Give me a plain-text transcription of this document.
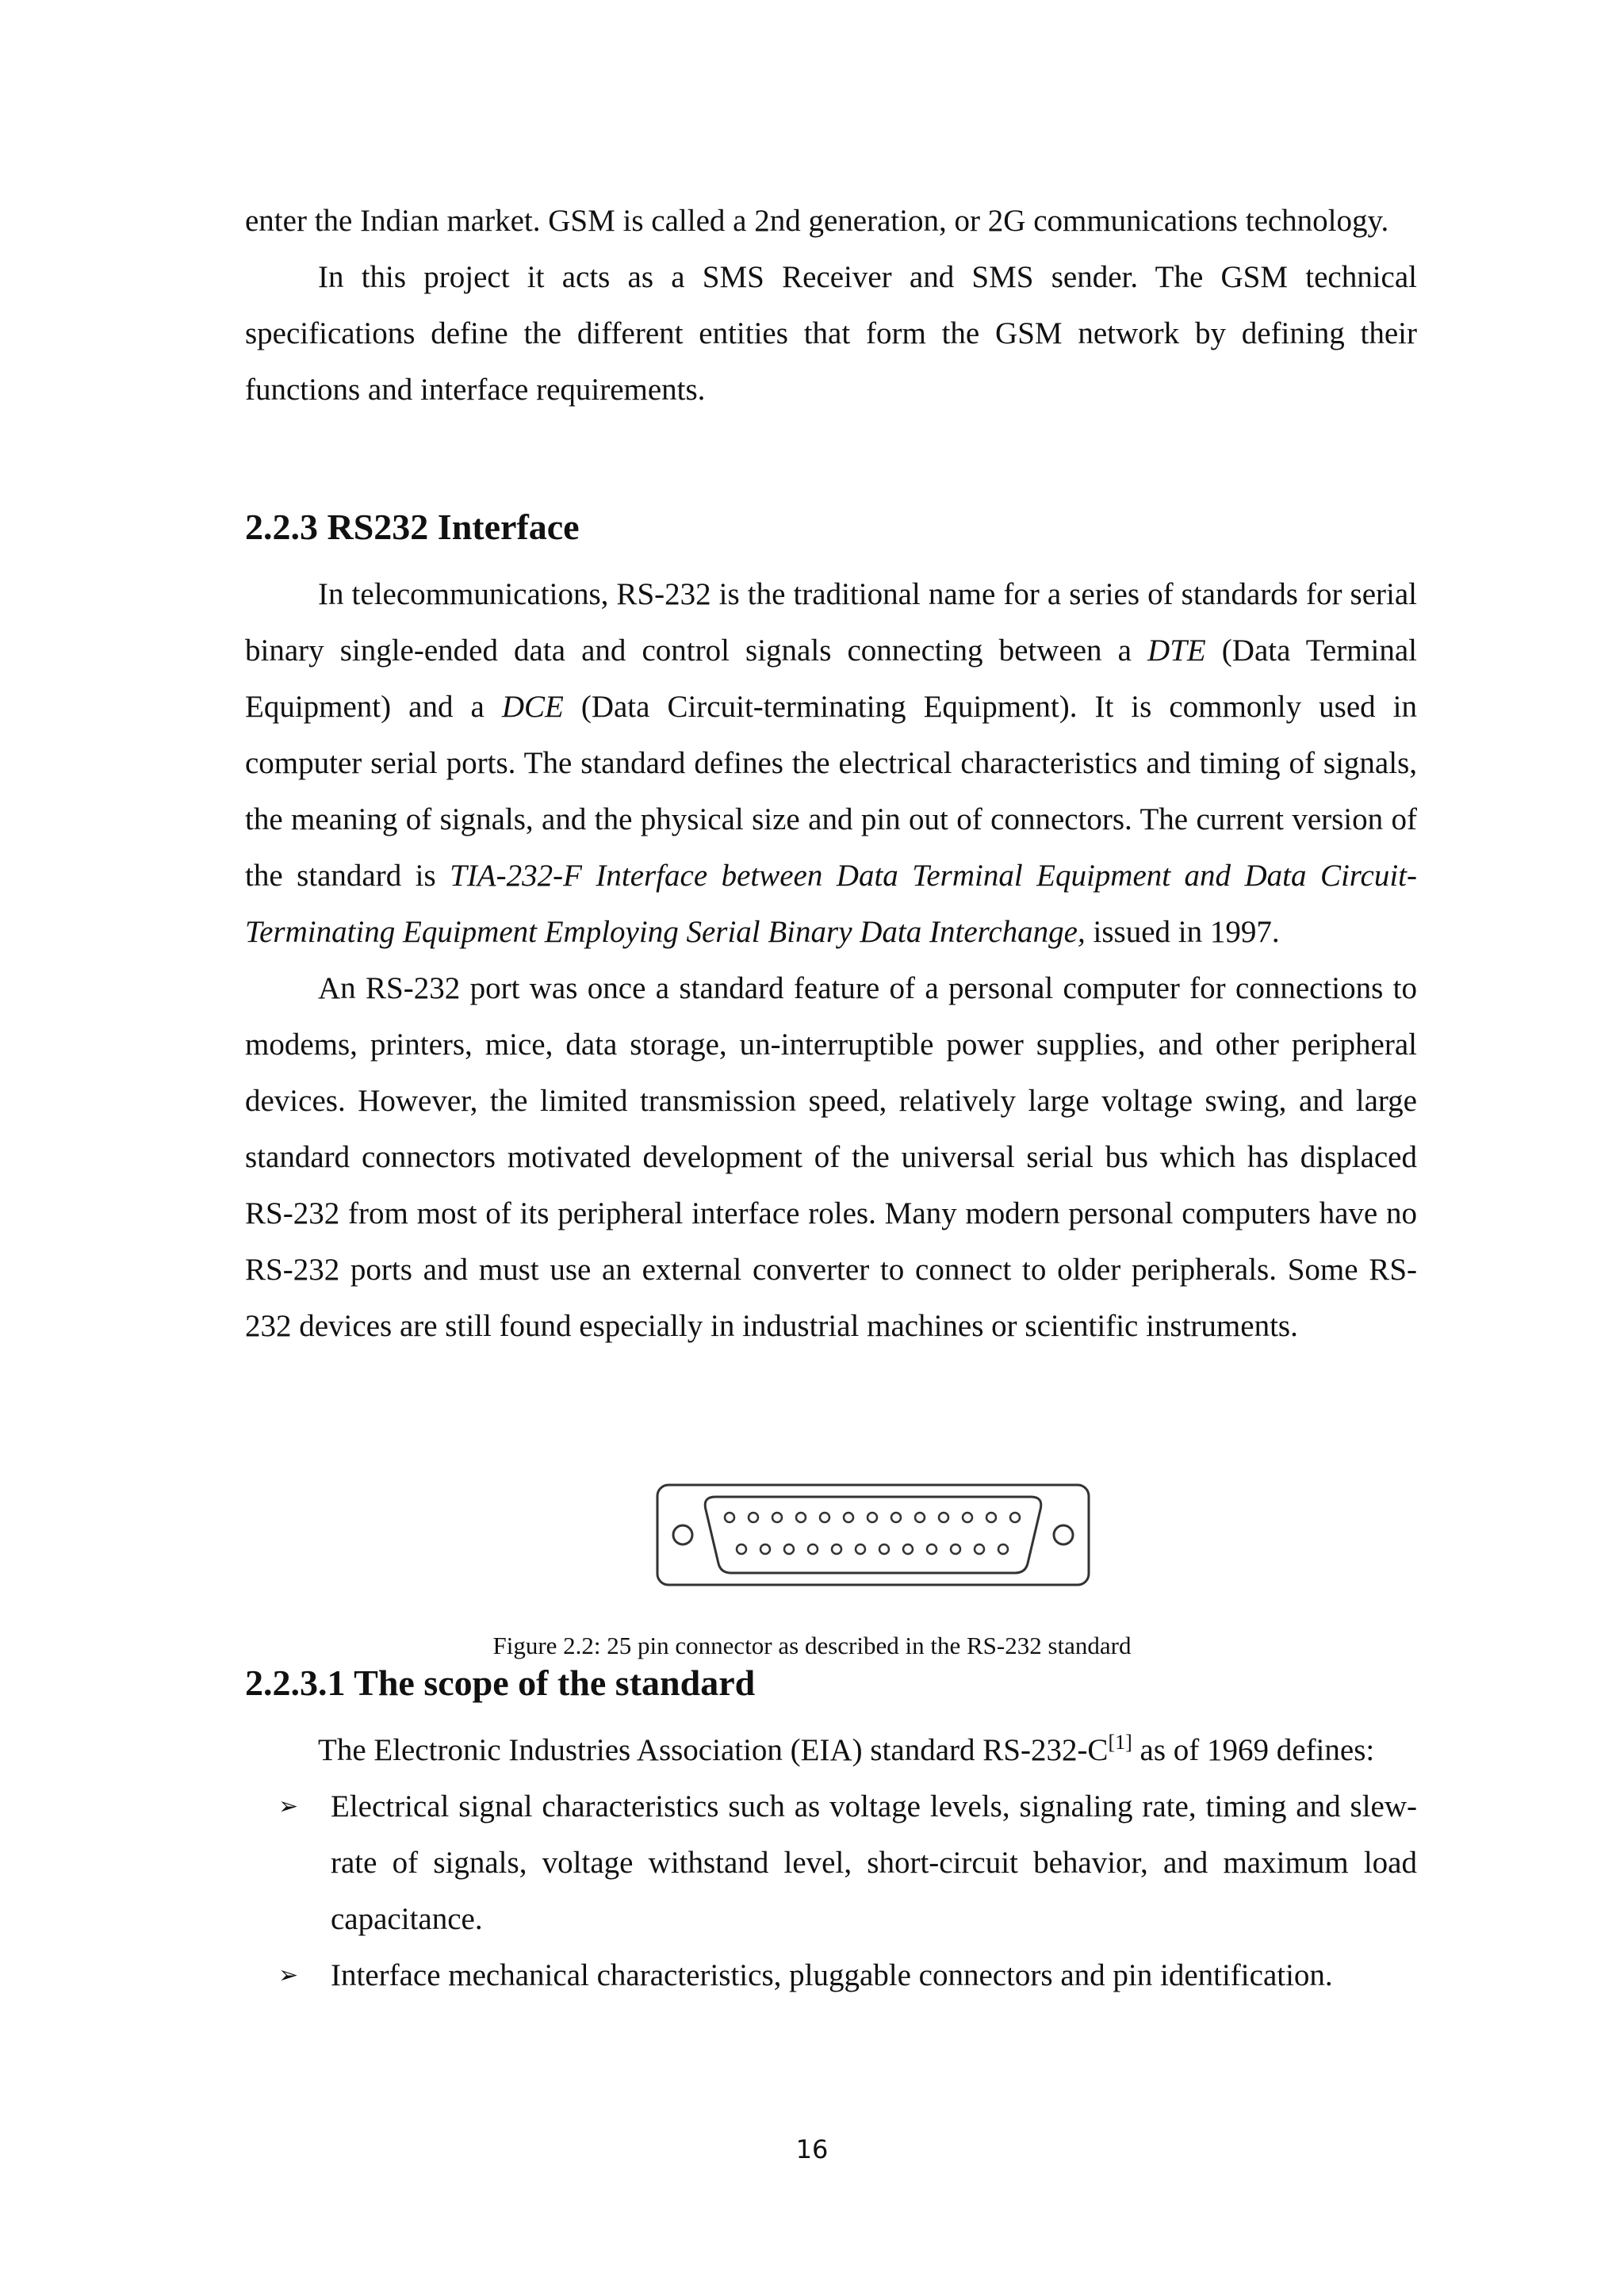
enter the Indian market. GSM is called a 2nd generation, or 2G communications technology.

In this project it acts as a SMS Receiver and SMS sender. The GSM technical specifications define the different entities that form the GSM network by defining their functions and interface requirements.

2.2.3 RS232 Interface

In telecommunications, RS-232 is the traditional name for a series of standards for serial binary single-ended data and control signals connecting between a DTE (Data Terminal Equipment) and a DCE (Data Circuit-terminating Equipment). It is commonly used in computer serial ports. The standard defines the electrical characteristics and timing of signals, the meaning of signals, and the physical size and pin out of connectors. The current version of the standard is TIA-232-F Interface between Data Terminal Equipment and Data Circuit-Terminating Equipment Employing Serial Binary Data Interchange, issued in 1997.

An RS-232 port was once a standard feature of a personal computer for connections to modems, printers, mice, data storage, un-interruptible power supplies, and other peripheral devices. However, the limited transmission speed, relatively large voltage swing, and large standard connectors motivated development of the universal serial bus which has displaced RS-232 from most of its peripheral interface roles. Many modern personal computers have no RS-232 ports and must use an external converter to connect to older peripherals. Some RS-232 devices are still found especially in industrial machines or scientific instruments.

Figure 2.2: 25 pin connector as described in the RS-232 standard

2.2.3.1 The scope of the standard

The Electronic Industries Association (EIA) standard RS-232-C[1] as of 1969 defines:

➢ Electrical signal characteristics such as voltage levels, signaling rate, timing and slew-rate of signals, voltage withstand level, short-circuit behavior, and maximum load capacitance.
➢ Interface mechanical characteristics, pluggable connectors and pin identification.
16
